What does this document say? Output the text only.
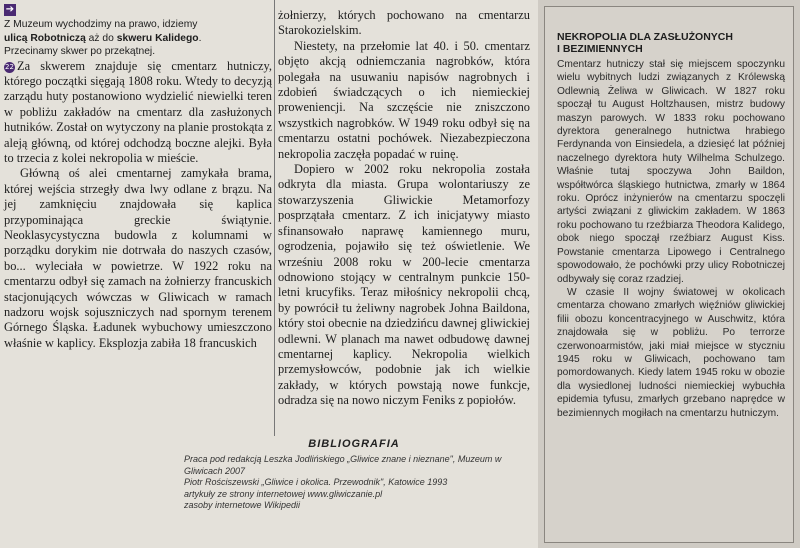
➔
Z Muzeum wychodzimy na prawo, idziemy
ulicą Robotniczą aż do skweru Kalidego.
Przecinamy skwer po przekątnej.

22 Za skwerem znajduje się cmentarz hutniczy, którego początki sięgają 1808 roku. Wtedy to decyzją zarządu huty postanowiono wydzielić niewielki teren w pobliżu zakładów na cmentarz dla zasłużonych hutników. Został on wytyczony na planie prostokąta z aleją główną, od której odchodzą boczne alejki. Była to trzecia z kolei nekropolia w mieście.

Główną oś alei cmentarnej zamykała brama, której wejścia strzegły dwa lwy odlane z brązu. Na jej zamknięciu znajdowała się kaplica przypominająca greckie świątynie. Neoklasycystyczna budowla z kolumnami w porządku dorykim nie dotrwała do naszych czasów, bo... wyleciała w powietrze. W 1922 roku na cmentarzu odbył się zamach na żołnierzy francuskich stacjonujących wówczas w Gliwicach w ramach nadzoru wojsk sojuszniczych nad spornym terenem Górnego Śląska. Ładunek wybuchowy umieszczono właśnie w kaplicy. Eksplozja zabiła 18 francuskich

żołnierzy, których pochowano na cmentarzu Starokozielskim.

Niestety, na przełomie lat 40. i 50. cmentarz objęto akcją odniemczania nagrobków, która polegała na usuwaniu napisów nagrobnych i zdobień świadczących o ich niemieckiej proweniencji. Na szczęście nie zniszczono wszystkich nagrobków. W 1949 roku odbył się na cmentarzu ostatni pochówek. Niezabezpieczona nekropolia zaczęła popadać w ruinę.

Dopiero w 2002 roku nekropolia została odkryta dla miasta. Grupa wolontariuszy ze stowarzyszenia Gliwickie Metamorfozy posprzątała cmentarz. Z ich inicjatywy miasto sfinansowało naprawę kamiennego muru, ogrodzenia, pojawiło się też oświetlenie. We wrześniu 2008 roku w 200-lecie cmentarza odnowiono stojący w centralnym punkcie 150-letni krucyfiks. Teraz miłośnicy nekropolii chcą, by powrócił tu żeliwny nagrobek Johna Baildona, który stoi obecnie na dziedzińcu dawnej gliwickiej odlewni. W planach ma nawet odbudowę dawnej cmentarnej kaplicy. Nekropolia wielkich przemysłowców, podobnie jak ich wielkie zakłady, w których powstają nowe funkcje, odradza się na nowo niczym Feniks z popiołów.

BIBLIOGRAFIA

Praca pod redakcją Leszka Jodlińskiego „Gliwice znane i nieznane", Muzeum w Gliwicach 2007

Piotr Rościszewski „Gliwice i okolica. Przewodnik", Katowice 1993

artykuły ze strony internetowej www.gliwiczanie.pl

zasoby internetowe Wikipedii

NEKROPOLIA DLA ZASŁUŻONYCH
I BEZIMIENNYCH

Cmentarz hutniczy stał się miejscem spoczynku wielu wybitnych ludzi związanych z Królewską Odlewnią Żeliwa w Gliwicach. W 1827 roku spoczął tu August Holtzhausen, mistrz budowy maszyn parowych. W 1833 roku pochowano dyrektora generalnego hutnictwa hrabiego Ferdynanda von Einsiedela, a dziesięć lat później naczelnego dyrektora huty Wilhelma Schulzego. Właśnie tutaj spoczywa John Baildon, współtwórca śląskiego hutnictwa, zmarły w 1864 roku. Oprócz inżynierów na cmentarzu spoczęli artyści związani z gliwickim zakładem. W 1863 roku pochowano tu rzeźbiarza Theodora Kalidego, obok niego spoczął rzeźbiarz August Kiss. Powstanie cmentarza Lipowego i Centralnego spowodowało, że pochówki przy ulicy Robotniczej odbywały się coraz rzadziej.

W czasie II wojny światowej w okolicach cmentarza chowano zmarłych więźniów gliwickiej filii obozu koncentracyjnego w Auschwitz, która znajdowała się w pobliżu. Po terrorze czerwonoarmistów, jaki miał miejsce w styczniu 1945 roku w Gliwicach, pochowano tam pomordowanych. Kiedy latem 1945 roku w obozie dla wysiedlonej ludności niemieckiej wybuchła epidemia tyfusu, zmarłych grzebano naprędce w bezimiennych mogiłach na cmentarzu hutniczym.
